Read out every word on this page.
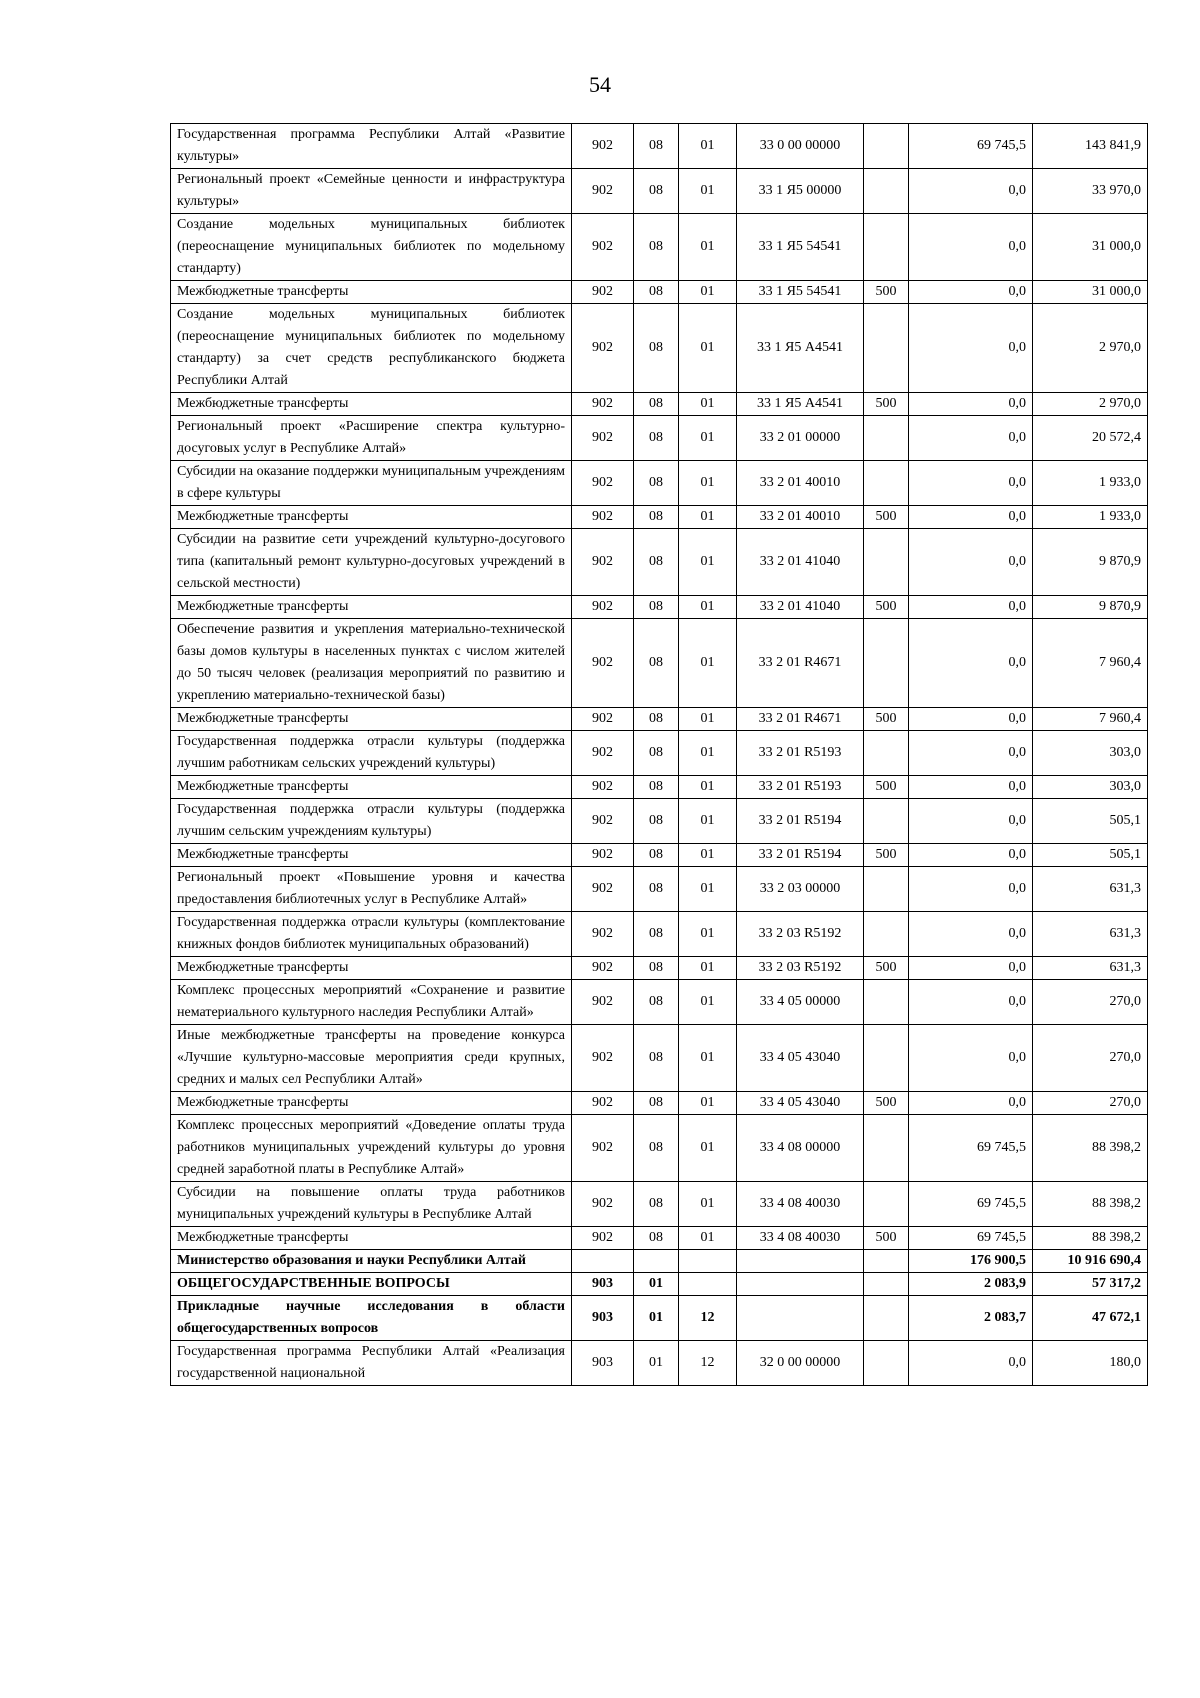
54
Государственная программа Республики Алтай «Развитие культуры»	902	08	01	33 0 00 00000		69 745,5	143 841,9
Региональный проект «Семейные ценности и инфраструктура культуры»	902	08	01	33 1 Я5 00000		0,0	33 970,0
Создание модельных муниципальных библиотек (переоснащение муниципальных библиотек по модельному стандарту)	902	08	01	33 1 Я5 54541		0,0	31 000,0
Межбюджетные трансферты	902	08	01	33 1 Я5 54541	500	0,0	31 000,0
Создание модельных муниципальных библиотек (переоснащение муниципальных библиотек по модельному стандарту) за счет средств республиканского бюджета Республики Алтай	902	08	01	33 1 Я5 А4541		0,0	2 970,0
Межбюджетные трансферты	902	08	01	33 1 Я5 А4541	500	0,0	2 970,0
Региональный проект «Расширение спектра культурно-досуговых услуг в Республике Алтай»	902	08	01	33 2 01 00000		0,0	20 572,4
Субсидии на оказание поддержки муниципальным учреждениям в сфере культуры	902	08	01	33 2 01 40010		0,0	1 933,0
Межбюджетные трансферты	902	08	01	33 2 01 40010	500	0,0	1 933,0
Субсидии на развитие сети учреждений культурно-досугового типа (капитальный ремонт культурно-досуговых учреждений в сельской местности)	902	08	01	33 2 01 41040		0,0	9 870,9
Межбюджетные трансферты	902	08	01	33 2 01 41040	500	0,0	9 870,9
Обеспечение развития и укрепления материально-технической базы домов культуры в населенных пунктах с числом жителей до 50 тысяч человек (реализация мероприятий по развитию и укреплению материально-технической базы)	902	08	01	33 2 01 R4671		0,0	7 960,4
Межбюджетные трансферты	902	08	01	33 2 01 R4671	500	0,0	7 960,4
Государственная поддержка отрасли культуры (поддержка лучшим работникам сельских учреждений культуры)	902	08	01	33 2 01 R5193		0,0	303,0
Межбюджетные трансферты	902	08	01	33 2 01 R5193	500	0,0	303,0
Государственная поддержка отрасли культуры (поддержка лучшим сельским учреждениям культуры)	902	08	01	33 2 01 R5194		0,0	505,1
Межбюджетные трансферты	902	08	01	33 2 01 R5194	500	0,0	505,1
Региональный проект «Повышение уровня и качества предоставления библиотечных услуг в Республике Алтай»	902	08	01	33 2 03 00000		0,0	631,3
Государственная поддержка отрасли культуры (комплектование книжных фондов библиотек муниципальных образований)	902	08	01	33 2 03 R5192		0,0	631,3
Межбюджетные трансферты	902	08	01	33 2 03 R5192	500	0,0	631,3
Комплекс процессных мероприятий «Сохранение и развитие нематериального культурного наследия Республики Алтай»	902	08	01	33 4 05 00000		0,0	270,0
Иные межбюджетные трансферты на проведение конкурса «Лучшие культурно-массовые мероприятия среди крупных, средних и малых сел Республики Алтай»	902	08	01	33 4 05 43040		0,0	270,0
Межбюджетные трансферты	902	08	01	33 4 05 43040	500	0,0	270,0
Комплекс процессных мероприятий «Доведение оплаты труда работников муниципальных учреждений культуры до уровня средней заработной платы в Республике Алтай»	902	08	01	33 4 08 00000		69 745,5	88 398,2
Субсидии на повышение оплаты труда работников муниципальных учреждений культуры в Республике Алтай	902	08	01	33 4 08 40030		69 745,5	88 398,2
Межбюджетные трансферты	902	08	01	33 4 08 40030	500	69 745,5	88 398,2
Министерство образования и науки Республики Алтай						176 900,5	10 916 690,4
ОБЩЕГОСУДАРСТВЕННЫЕ ВОПРОСЫ	903	01				2 083,9	57 317,2
Прикладные научные исследования в области общегосударственных вопросов	903	01	12			2 083,7	47 672,1
Государственная программа Республики Алтай «Реализация государственной национальной	903	01	12	32 0 00 00000		0,0	180,0
